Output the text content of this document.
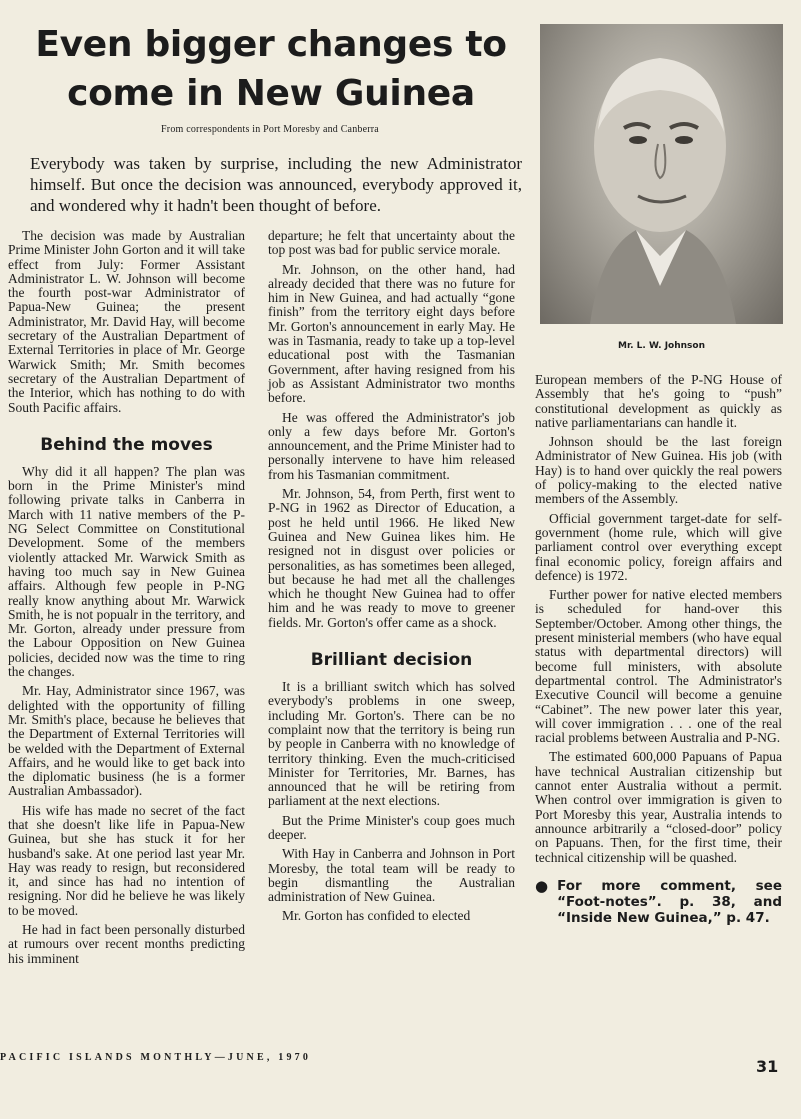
Even bigger changes to
come in New Guinea
From correspondents in Port Moresby and Canberra
Everybody was taken by surprise, including the new Administrator himself. But once the decision was announced, everybody approved it, and wondered why it hadn't been thought of before.

The decision was made by Australian Prime Minister John Gorton and it will take effect from July: Former Assistant Administrator L. W. Johnson will become the fourth post-war Administrator of Papua-New Guinea; the present Administrator, Mr. David Hay, will become secretary of the Australian Department of External Territories in place of Mr. George Warwick Smith; Mr. Smith becomes secretary of the Australian Department of the Interior, which has nothing to do with South Pacific affairs.

Behind the moves

Why did it all happen? The plan was born in the Prime Minister's mind following private talks in Canberra in March with 11 native members of the P-NG Select Committee on Constitutional Development. Some of the members violently attacked Mr. Warwick Smith as having too much say in New Guinea affairs. Although few people in P-NG really know anything about Mr. Warwick Smith, he is not popualr in the territory, and Mr. Gorton, already under pressure from the Labour Opposition on New Guinea policies, decided now was the time to ring the changes.

Mr. Hay, Administrator since 1967, was delighted with the opportunity of filling Mr. Smith's place, because he believes that the Department of External Territories will be welded with the Department of External Affairs, and he would like to get back into the diplomatic business (he is a former Australian Ambassador).

His wife has made no secret of the fact that she doesn't like life in Papua-New Guinea, but she has stuck it for her husband's sake. At one period last year Mr. Hay was ready to resign, but reconsidered it, and since has had no intention of resigning. Nor did he believe he was likely to be moved.

He had in fact been personally disturbed at rumours over recent months predicting his imminent

departure; he felt that uncertainty about the top post was bad for public service morale.

Mr. Johnson, on the other hand, had already decided that there was no future for him in New Guinea, and had actually “gone finish” from the territory eight days before Mr. Gorton's announcement in early May. He was in Tasmania, ready to take up a top-level educational post with the Tasmanian Government, after having resigned from his job as Assistant Administrator two months before.

He was offered the Administrator's job only a few days before Mr. Gorton's announcement, and the Prime Minister had to personally intervene to have him released from his Tasmanian commitment.

Mr. Johnson, 54, from Perth, first went to P-NG in 1962 as Director of Education, a post he held until 1966. He liked New Guinea and New Guinea likes him. He resigned not in disgust over policies or personalities, as has sometimes been alleged, but because he had met all the challenges which he thought New Guinea had to offer him and he was ready to move to greener fields. Mr. Gorton's offer came as a shock.

Brilliant decision

It is a brilliant switch which has solved everybody's problems in one sweep, including Mr. Gorton's. There can be no complaint now that the territory is being run by people in Canberra with no knowledge of territory thinking. Even the much-criticised Minister for Territories, Mr. Barnes, has announced that he will be retiring from parliament at the next elections.

But the Prime Minister's coup goes much deeper.

With Hay in Canberra and Johnson in Port Moresby, the total team will be ready to begin dismantling the Australian administration of New Guinea.

Mr. Gorton has confided to elected

Mr. L. W. Johnson

European members of the P-NG House of Assembly that he's going to “push” constitutional development as quickly as native parliamentarians can handle it.

Johnson should be the last foreign Administrator of New Guinea. His job (with Hay) is to hand over quickly the real powers of policy-making to the elected native members of the Assembly.

Official government target-date for self-government (home rule, which will give parliament control over everything except final economic policy, foreign affairs and defence) is 1972.

Further power for native elected members is scheduled for hand-over this September/October. Among other things, the present ministerial members (who have equal status with departmental directors) will become full ministers, with absolute departmental control. The Administrator's Executive Council will become a genuine “Cabinet”. The new power later this year, will cover immigration . . . one of the real racial problems between Australia and P-NG.

The estimated 600,000 Papuans of Papua have technical Australian citizenship but cannot enter Australia without a permit. When control over immigration is given to Port Moresby this year, Australia intends to announce arbitrarily a “closed-door” policy on Papuans. Then, for the first time, their technical citizenship will be quashed.

● For more comment, see “Foot-notes”. p. 38, and “Inside New Guinea,” p. 47.
PACIFIC ISLANDS MONTHLY—JUNE, 1970	31
